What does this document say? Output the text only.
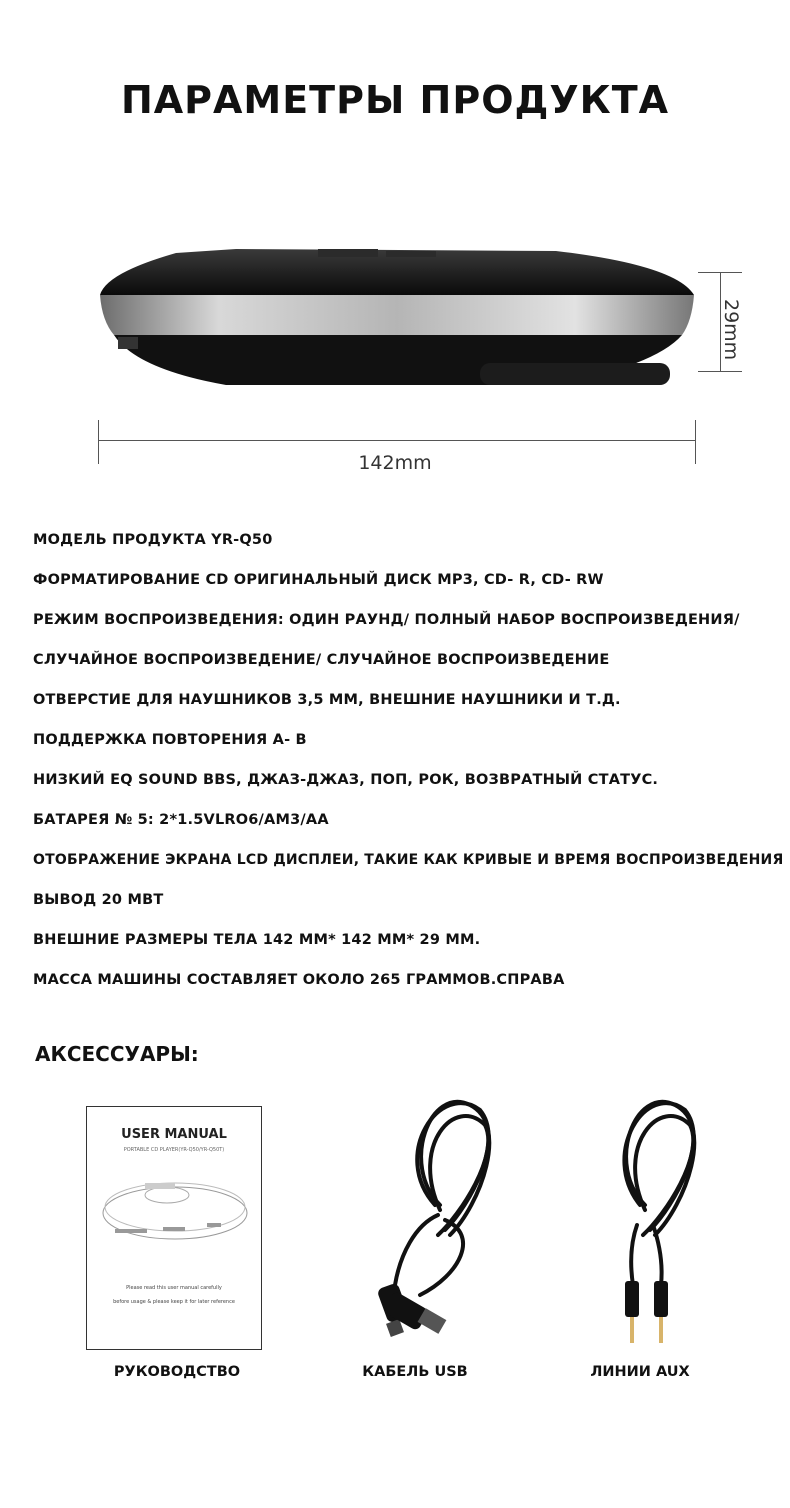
ПАРАМЕТРЫ ПРОДУКТА
29mm
142mm
МОДЕЛЬ ПРОДУКТА YR-Q50
ФОРМАТИРОВАНИЕ CD ОРИГИНАЛЬНЫЙ ДИСК MP3, CD- R, CD- RW
РЕЖИМ ВОСПРОИЗВЕДЕНИЯ: ОДИН РАУНД/ ПОЛНЫЙ НАБОР ВОСПРОИЗВЕДЕНИЯ/
СЛУЧАЙНОЕ ВОСПРОИЗВЕДЕНИЕ/ СЛУЧАЙНОЕ ВОСПРОИЗВЕДЕНИЕ
ОТВЕРСТИЕ ДЛЯ НАУШНИКОВ 3,5 ММ, ВНЕШНИЕ НАУШНИКИ И Т.Д.
ПОДДЕРЖКА ПОВТОРЕНИЯ А- В
НИЗКИЙ EQ SOUND BBS, ДЖАЗ-ДЖАЗ, ПОП, РОК, ВОЗВРАТНЫЙ СТАТУС.
БАТАРЕЯ № 5: 2*1.5VLRO6/AM3/AA
ОТОБРАЖЕНИЕ ЭКРАНА LCD ДИСПЛЕИ, ТАКИЕ КАК КРИВЫЕ И ВРЕМЯ ВОСПРОИЗВЕДЕНИЯ
ВЫВОД 20 МВТ
ВНЕШНИЕ РАЗМЕРЫ ТЕЛА 142 ММ* 142 ММ* 29 ММ.
МАССА МАШИНЫ СОСТАВЛЯЕТ ОКОЛО 265 ГРАММОВ.СПРАВА
АКСЕССУАРЫ:
USER MANUAL
PORTABLE CD PLAYER(YR-Q50/YR-Q50T)
Please read this user manual carefully
before usage & please keep it for later reference
РУКОВОДСТВО	КАБЕЛЬ USB	ЛИНИИ AUX
